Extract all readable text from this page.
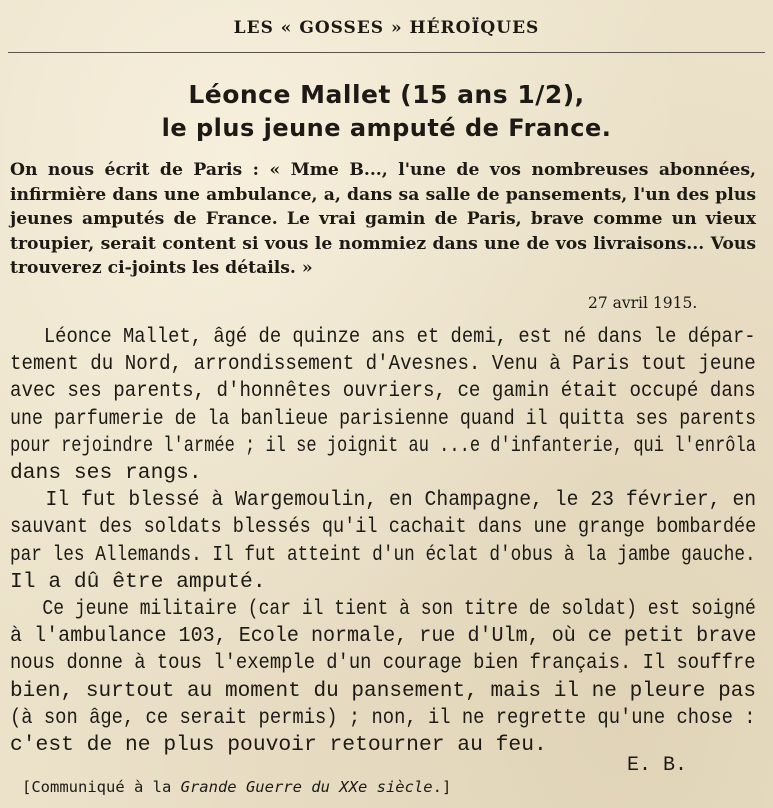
LES « GOSSES » HÉROÏQUES
Léonce Mallet (15 ans 1/2),
le plus jeune amputé de France.
On nous écrit de Paris : « Mme B..., l'une de vos nombreuses abonnées,
infirmière dans une ambulance, a, dans sa salle de pansements, l'un des plus
jeunes amputés de France. Le vrai gamin de Paris, brave comme un vieux
troupier, serait content si vous le nommiez dans une de vos livraisons... Vous
trouverez ci-joints les détails. »
27 avril 1915.
Léonce Mallet, âgé de quinze ans et demi, est né dans le dépar-
tement du Nord, arrondissement d'Avesnes. Venu à Paris tout jeune
avec ses parents, d'honnêtes ouvriers, ce gamin était occupé dans
une parfumerie de la banlieue parisienne quand il quitta ses parents
pour rejoindre l'armée ; il se joignit au ...e d'infanterie, qui l'enrôla
dans ses rangs.
Il fut blessé à Wargemoulin, en Champagne, le 23 février, en
sauvant des soldats blessés qu'il cachait dans une grange bombardée
par les Allemands. Il fut atteint d'un éclat d'obus à la jambe gauche.
Il a dû être amputé.
Ce jeune militaire (car il tient à son titre de soldat) est soigné
à l'ambulance 103, Ecole normale, rue d'Ulm, où ce petit brave
nous donne à tous l'exemple d'un courage bien français. Il souffre
bien, surtout au moment du pansement, mais il ne pleure pas
(à son âge, ce serait permis) ; non, il ne regrette qu'une chose :
c'est de ne plus pouvoir retourner au feu.
E. B.
[Communiqué à la Grande Guerre du XXe siècle.]
